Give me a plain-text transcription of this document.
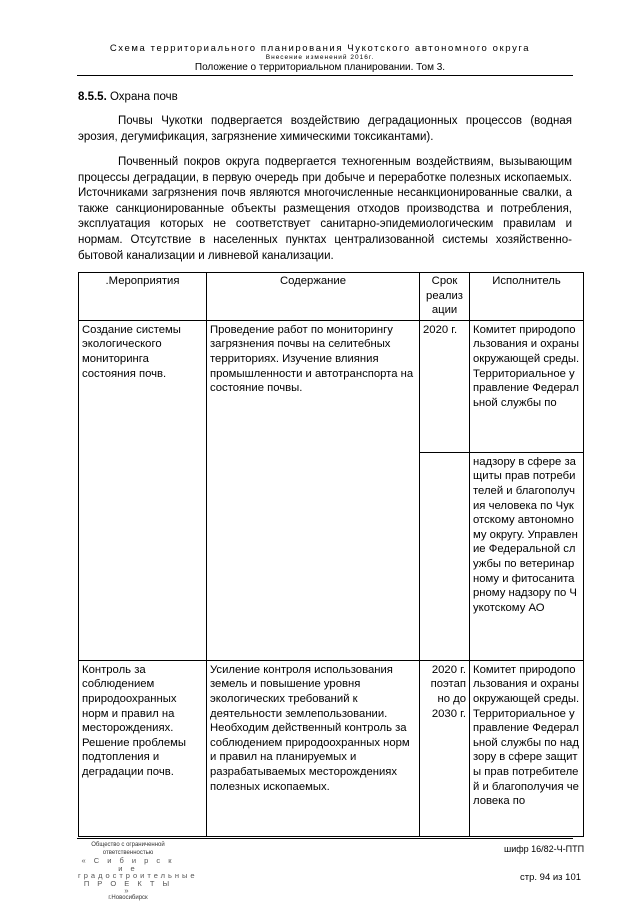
Схема территориального планирования Чукотского автономного округа
Внесение изменений 2016г.
Положение о территориальном планировании. Том 3.
8.5.5. Охрана почв
Почвы Чукотки подвергается воздействию деградационных процессов (водная эрозия, дегумификация, загрязнение химическими токсикантами).
Почвенный покров округа подвергается техногенным воздействиям, вызывающим процессы деградации, в первую очередь при добыче и переработке полезных ископаемых. Источниками загрязнения почв являются многочисленные несанкционированные свалки, а также санкционированные объекты размещения отходов производства и потребления, эксплуатация которых не соответствует санитарно-эпидемиологическим правилам и нормам. Отсутствие в населенных пунктах централизованной системы хозяйственно-бытовой канализации и ливневой канализации.
.Мероприятия	Содержание	Срок реализ ации	Исполнитель
Создание системы экологического мониторинга состояния почв.	Проведение работ по мониторингу загрязнения почвы на селитебных территориях. Изучение влияния промышленности и автотранспорта на состояние почвы.	2020 г.	Комитет природопользования и охраны окружающей среды. Территориальное управление Федеральной службы по
			надзору в сфере защиты прав потребителей и благополучия человека по Чукотскому автономному округу. Управление Федеральной службы по ветеринарному и фитосанитарному надзору по Чукотскому АО
Контроль за соблюдением природоохранных норм и правил на месторождениях. Решение проблемы подтопления и деградации почв.	Усиление контроля использования земель и повышение уровня экологических требований к деятельности землепользовании. Необходим действенный контроль за соблюдением природоохранных норм и правил на планируемых и разрабатываемых месторождениях полезных ископаемых.	2020 г. поэтап но до 2030 г.	Комитет природопользования и охраны окружающей среды. Территориальное управление Федеральной службы по надзору в сфере защиты прав потребителей и благополучия человека по
Общество с ограниченной ответственностью
« С и б и р с к и е
градостроительные
П Р О Е К Т Ы »
г.Новосибирск
шифр 16/82-Ч-ПТП
стр. 94 из 101
